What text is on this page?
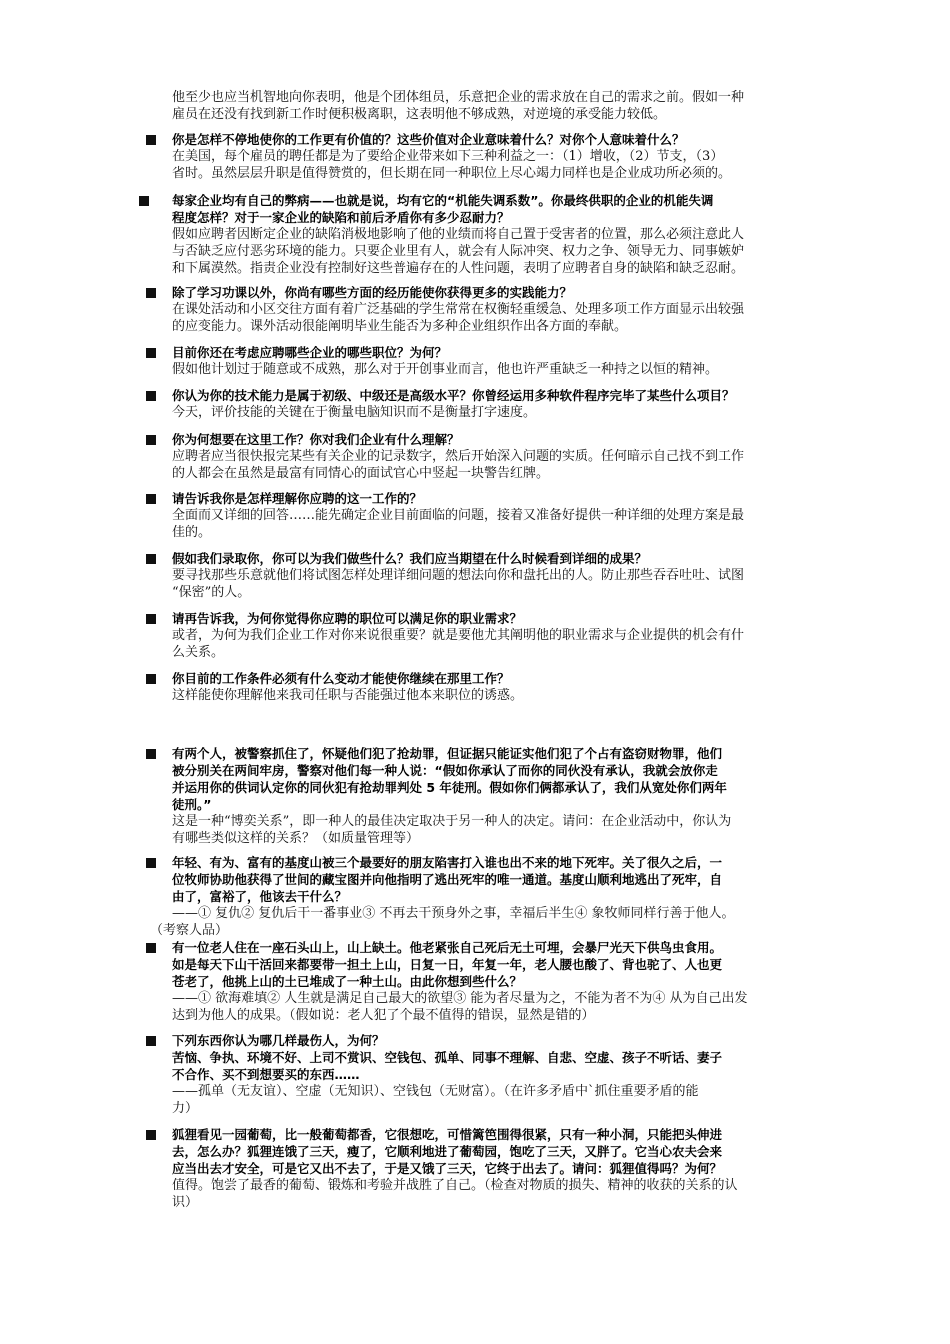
他至少也应当机智地向你表明，他是个团体组员，乐意把企业的需求放在自己的需求之前。假如一种
雇员在还没有找到新工作时便积极离职，这表明他不够成熟，对逆境的承受能力较低。
你是怎样不停地使你的工作更有价值的？这些价值对企业意味着什么？对你个人意味着什么？
在美国，每个雇员的聘任都是为了要给企业带来如下三种利益之一：（1）增收，（2）节支，（3）
省时。虽然层层升职是值得赞赏的，但长期在同一种职位上尽心竭力同样也是企业成功所必须的。
每家企业均有自己的弊病——也就是说，均有它的“机能失调系数”。你最终供职的企业的机能失调
程度怎样？对于一家企业的缺陷和前后矛盾你有多少忍耐力？
假如应聘者因断定企业的缺陷消极地影响了他的业绩而将自己置于受害者的位置，那么必须注意此人
与否缺乏应付恶劣环境的能力。只要企业里有人，就会有人际冲突、权力之争、领导无力、同事嫉妒
和下属漠然。指责企业没有控制好这些普遍存在的人性问题，表明了应聘者自身的缺陷和缺乏忍耐。
除了学习功课以外，你尚有哪些方面的经历能使你获得更多的实践能力？
在课处活动和小区交往方面有着广泛基础的学生常常在权衡轻重缓急、处理多项工作方面显示出较强
的应变能力。课外活动很能阐明毕业生能否为多种企业组织作出各方面的奉献。
目前你还在考虑应聘哪些企业的哪些职位？为何？
假如他计划过于随意或不成熟，那么对于开创事业而言，他也许严重缺乏一种持之以恒的精神。
你认为你的技术能力是属于初级、中级还是高级水平？你曾经运用多种软件程序完毕了某些什么项目？
今天，评价技能的关键在于衡量电脑知识而不是衡量打字速度。
你为何想要在这里工作？你对我们企业有什么理解？
应聘者应当很快报完某些有关企业的记录数字，然后开始深入问题的实质。任何暗示自己找不到工作
的人都会在虽然是最富有同情心的面试官心中竖起一块警告红牌。
请告诉我你是怎样理解你应聘的这一工作的？
全面而又详细的回答……能先确定企业目前面临的问题，接着又准备好提供一种详细的处理方案是最
佳的。
假如我们录取你，你可以为我们做些什么？我们应当期望在什么时候看到详细的成果？
要寻找那些乐意就他们将试图怎样处理详细问题的想法向你和盘托出的人。防止那些吞吞吐吐、试图
“保密”的人。
请再告诉我，为何你觉得你应聘的职位可以满足你的职业需求？
或者，为何为我们企业工作对你来说很重要？就是要他尤其阐明他的职业需求与企业提供的机会有什
么关系。
你目前的工作条件必须有什么变动才能使你继续在那里工作？
这样能使你理解他来我司任职与否能强过他本来职位的诱惑。
有两个人，被警察抓住了，怀疑他们犯了抢劫罪，但证据只能证实他们犯了个占有盗窃财物罪，他们
被分别关在两间牢房，警察对他们每一种人说：“假如你承认了而你的同伙没有承认，我就会放你走
并运用你的供词认定你的同伙犯有抢劫罪判处 5 年徒刑。假如你们俩都承认了，我们从宽处你们两年
徒刑。”
这是一种“博奕关系”，即一种人的最佳决定取决于另一种人的决定。请问：在企业活动中，你认为
有哪些类似这样的关系？（如质量管理等）
年轻、有为、富有的基度山被三个最要好的朋友陷害打入谁也出不来的地下死牢。关了很久之后，一
位牧师协助他获得了世间的藏宝图并向他指明了逃出死牢的唯一通道。基度山顺利地逃出了死牢，自
由了，富裕了，他该去干什么？
——① 复仇② 复仇后干一番事业③ 不再去干预身外之事，幸福后半生④ 象牧师同样行善于他人。
（考察人品）
有一位老人住在一座石头山上，山上缺土。他老紧张自己死后无土可埋，会暴尸光天下供鸟虫食用。
如是每天下山干活回来都要带一担土上山，日复一日，年复一年，老人腰也酸了、背也驼了、人也更
苍老了，他挑上山的土已堆成了一种土山。由此你想到些什么？
——① 欲海难填② 人生就是满足自己最大的欲望③ 能为者尽量为之，不能为者不为④ 从为自己出发
达到为他人的成果。（假如说：老人犯了个最不值得的错误，显然是错的）
下列东西你认为哪几样最伤人，为何？
苦恼、争执、环境不好、上司不赏识、空钱包、孤单、同事不理解、自悲、空虚、孩子不听话、妻子
不合作、买不到想要买的东西……
——孤单（无友谊）、空虚（无知识）、空钱包（无财富）。（在许多矛盾中`抓住重要矛盾的能
力）
狐狸看见一园葡萄，比一般葡萄都香，它很想吃，可惜篱笆围得很紧，只有一种小洞，只能把头伸进
去，怎么办？狐狸连饿了三天，瘦了，它顺利地进了葡萄园，饱吃了三天，又胖了。它当心农夫会来
应当出去才安全，可是它又出不去了，于是又饿了三天，它终于出去了。请问：狐狸值得吗？为何？
值得。饱尝了最香的葡萄、锻炼和考验并战胜了自己。（检查对物质的损失、精神的收获的关系的认
识）
